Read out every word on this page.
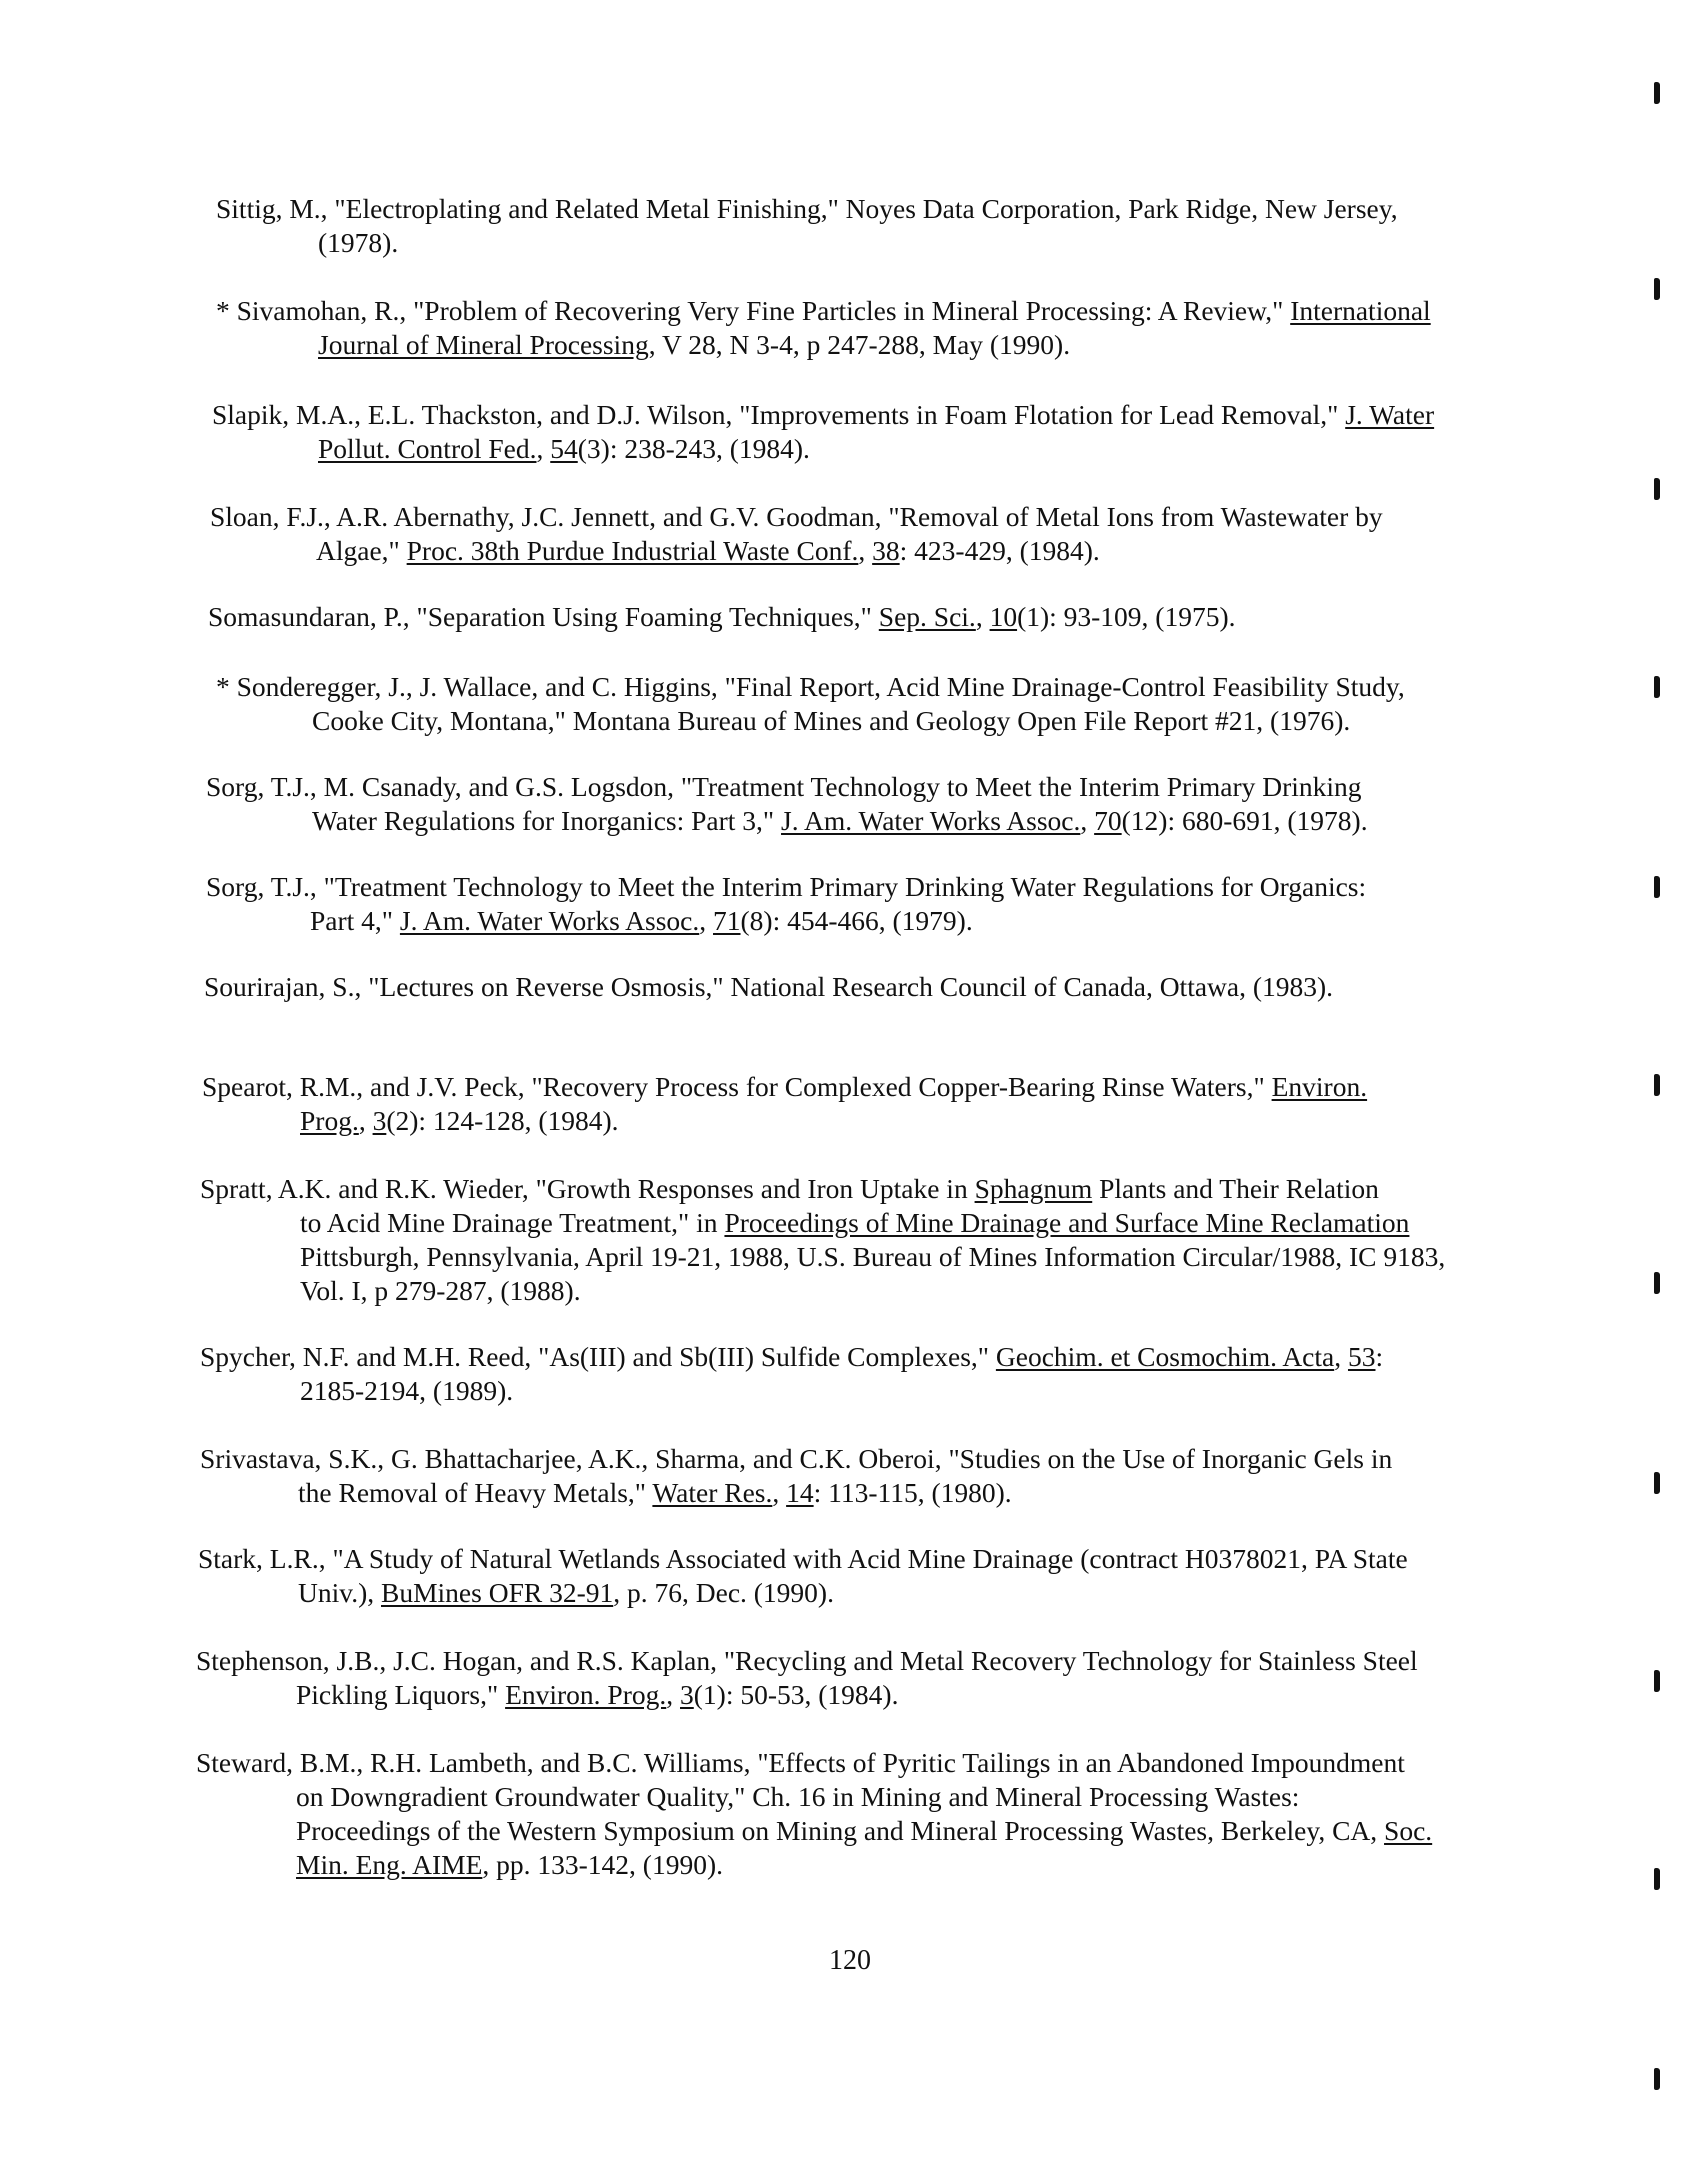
Sittig, M., "Electroplating and Related Metal Finishing," Noyes Data Corporation, Park Ridge, New Jersey,
(1978).
* Sivamohan, R., "Problem of Recovering Very Fine Particles in Mineral Processing: A Review," International
Journal of Mineral Processing, V 28, N 3-4, p 247-288, May (1990).
Slapik, M.A., E.L. Thackston, and D.J. Wilson, "Improvements in Foam Flotation for Lead Removal," J. Water
Pollut. Control Fed., 54(3): 238-243, (1984).
Sloan, F.J., A.R. Abernathy, J.C. Jennett, and G.V. Goodman, "Removal of Metal Ions from Wastewater by
Algae," Proc. 38th Purdue Industrial Waste Conf., 38: 423-429, (1984).
Somasundaran, P., "Separation Using Foaming Techniques," Sep. Sci., 10(1): 93-109, (1975).
* Sonderegger, J., J. Wallace, and C. Higgins, "Final Report, Acid Mine Drainage-Control Feasibility Study,
Cooke City, Montana," Montana Bureau of Mines and Geology Open File Report #21, (1976).
Sorg, T.J., M. Csanady, and G.S. Logsdon, "Treatment Technology to Meet the Interim Primary Drinking
Water Regulations for Inorganics: Part 3," J. Am. Water Works Assoc., 70(12): 680-691, (1978).
Sorg, T.J., "Treatment Technology to Meet the Interim Primary Drinking Water Regulations for Organics:
Part 4," J. Am. Water Works Assoc., 71(8): 454-466, (1979).
Sourirajan, S., "Lectures on Reverse Osmosis," National Research Council of Canada, Ottawa, (1983).
Spearot, R.M., and J.V. Peck, "Recovery Process for Complexed Copper-Bearing Rinse Waters," Environ.
Prog., 3(2): 124-128, (1984).
Spratt, A.K. and R.K. Wieder, "Growth Responses and Iron Uptake in Sphagnum Plants and Their Relation
to Acid Mine Drainage Treatment," in Proceedings of Mine Drainage and Surface Mine Reclamation
Pittsburgh, Pennsylvania, April 19-21, 1988, U.S. Bureau of Mines Information Circular/1988, IC 9183,
Vol. I, p 279-287, (1988).
Spycher, N.F. and M.H. Reed, "As(III) and Sb(III) Sulfide Complexes," Geochim. et Cosmochim. Acta, 53:
2185-2194, (1989).
Srivastava, S.K., G. Bhattacharjee, A.K., Sharma, and C.K. Oberoi, "Studies on the Use of Inorganic Gels in
the Removal of Heavy Metals," Water Res., 14: 113-115, (1980).
Stark, L.R., "A Study of Natural Wetlands Associated with Acid Mine Drainage (contract H0378021, PA State
Univ.), BuMines OFR 32-91, p. 76, Dec. (1990).
Stephenson, J.B., J.C. Hogan, and R.S. Kaplan, "Recycling and Metal Recovery Technology for Stainless Steel
Pickling Liquors," Environ. Prog., 3(1): 50-53, (1984).
Steward, B.M., R.H. Lambeth, and B.C. Williams, "Effects of Pyritic Tailings in an Abandoned Impoundment
on Downgradient Groundwater Quality," Ch. 16 in Mining and Mineral Processing Wastes:
Proceedings of the Western Symposium on Mining and Mineral Processing Wastes, Berkeley, CA, Soc.
Min. Eng. AIME, pp. 133-142, (1990).
120
